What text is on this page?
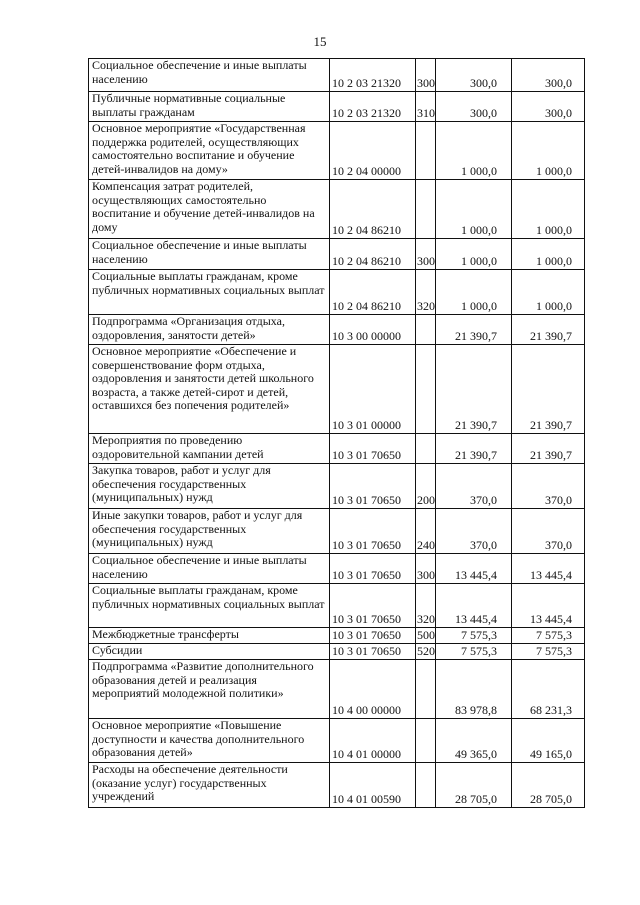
15
Социальное обеспечение и иные выплаты населению	10 2 03 21320	300	300,0	300,0
Публичные нормативные социальные выплаты гражданам	10 2 03 21320	310	300,0	300,0
Основное мероприятие «Государственная поддержка родителей, осуществляющих самостоятельно воспитание и обучение детей-инвалидов на дому»	10 2 04 00000		1 000,0	1 000,0
Компенсация затрат родителей, осуществляющих самостоятельно воспитание и обучение детей-инвалидов на дому	10 2 04 86210		1 000,0	1 000,0
Социальное обеспечение и иные выплаты населению	10 2 04 86210	300	1 000,0	1 000,0
Социальные выплаты гражданам, кроме публичных нормативных социальных выплат	10 2 04 86210	320	1 000,0	1 000,0
Подпрограмма «Организация отдыха, оздоровления, занятости детей»	10 3 00 00000		21 390,7	21 390,7
Основное мероприятие «Обеспечение и совершенствование форм отдыха, оздоровления и занятости детей школьного возраста, а также детей-сирот и детей, оставшихся без попечения родителей»	10 3 01 00000		21 390,7	21 390,7
Мероприятия по проведению оздоровительной кампании детей	10 3 01 70650		21 390,7	21 390,7
Закупка товаров, работ и услуг для обеспечения государственных (муниципальных) нужд	10 3 01 70650	200	370,0	370,0
Иные закупки товаров, работ и услуг для обеспечения государственных (муниципальных) нужд	10 3 01 70650	240	370,0	370,0
Социальное обеспечение и иные выплаты населению	10 3 01 70650	300	13 445,4	13 445,4
Социальные выплаты гражданам, кроме публичных нормативных социальных выплат	10 3 01 70650	320	13 445,4	13 445,4
Межбюджетные трансферты	10 3 01 70650	500	7 575,3	7 575,3
Субсидии	10 3 01 70650	520	7 575,3	7 575,3
Подпрограмма «Развитие дополнительного образования детей и реализация мероприятий молодежной политики»	10 4 00 00000		83 978,8	68 231,3
Основное мероприятие «Повышение доступности и качества дополнительного образования детей»	10 4 01 00000		49 365,0	49 165,0
Расходы на обеспечение деятельности (оказание услуг) государственных учреждений	10 4 01 00590		28 705,0	28 705,0
